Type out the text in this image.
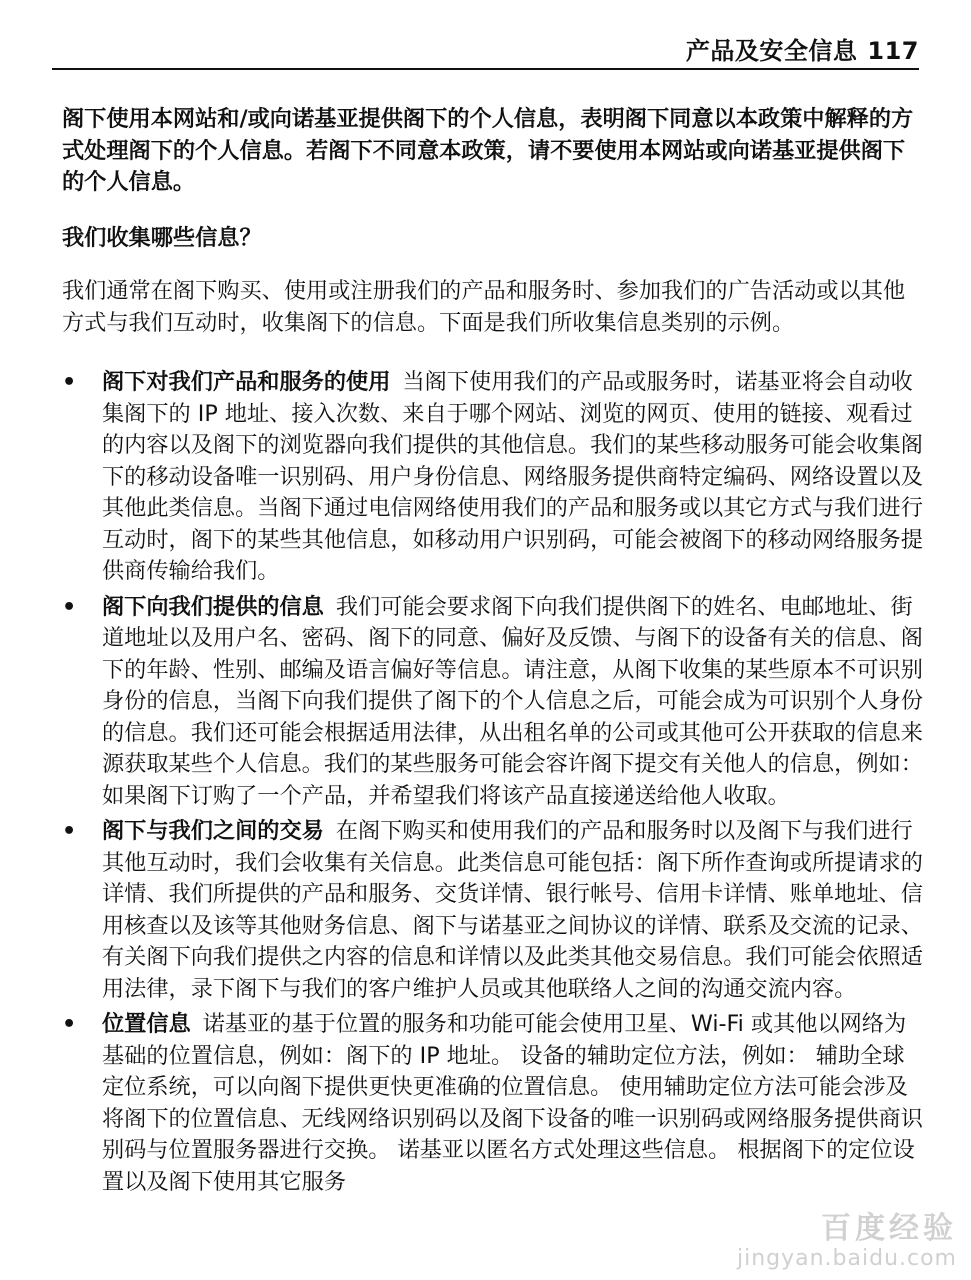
产品及安全信息 117

阁下使用本网站和/或向诺基亚提供阁下的个人信息，表明阁下同意以本政策中解释的方式处理阁下的个人信息。若阁下不同意本政策，请不要使用本网站或向诺基亚提供阁下的个人信息。

我们收集哪些信息？

我们通常在阁下购买、使用或注册我们的产品和服务时、参加我们的广告活动或以其他方式与我们互动时，收集阁下的信息。下面是我们所收集信息类别的示例。

• 阁下对我们产品和服务的使用 当阁下使用我们的产品或服务时，诺基亚将会自动收集阁下的 IP 地址、接入次数、来自于哪个网站、浏览的网页、使用的链接、观看过的内容以及阁下的浏览器向我们提供的其他信息。我们的某些移动服务可能会收集阁下的移动设备唯一识别码、用户身份信息、网络服务提供商特定编码、网络设置以及其他此类信息。当阁下通过电信网络使用我们的产品和服务或以其它方式与我们进行互动时，阁下的某些其他信息，如移动用户识别码，可能会被阁下的移动网络服务提供商传输给我们。
• 阁下向我们提供的信息 我们可能会要求阁下向我们提供阁下的姓名、电邮地址、街道地址以及用户名、密码、阁下的同意、偏好及反馈、与阁下的设备有关的信息、阁下的年龄、性别、邮编及语言偏好等信息。请注意，从阁下收集的某些原本不可识别身份的信息，当阁下向我们提供了阁下的个人信息之后，可能会成为可识别个人身份的信息。我们还可能会根据适用法律，从出租名单的公司或其他可公开获取的信息来源获取某些个人信息。我们的某些服务可能会容许阁下提交有关他人的信息，例如：如果阁下订购了一个产品，并希望我们将该产品直接递送给他人收取。
• 阁下与我们之间的交易 在阁下购买和使用我们的产品和服务时以及阁下与我们进行其他互动时，我们会收集有关信息。此类信息可能包括：阁下所作查询或所提请求的详情、我们所提供的产品和服务、交货详情、银行帐号、信用卡详情、账单地址、信用核查以及该等其他财务信息、阁下与诺基亚之间协议的详情、联系及交流的记录、有关阁下向我们提供之内容的信息和详情以及此类其他交易信息。我们可能会依照适用法律，录下阁下与我们的客户维护人员或其他联络人之间的沟通交流内容。
• 位置信息 诺基亚的基于位置的服务和功能可能会使用卫星、Wi-Fi 或其他以网络为基础的位置信息，例如：阁下的 IP 地址。 设备的辅助定位方法，例如： 辅助全球定位系统，可以向阁下提供更快更准确的位置信息。 使用辅助定位方法可能会涉及将阁下的位置信息、无线网络识别码以及阁下设备的唯一识别码或网络服务提供商识别码与位置服务器进行交换。 诺基亚以匿名方式处理这些信息。 根据阁下的定位设置以及阁下使用其它服务
百度经验
jingyan.baidu.com
